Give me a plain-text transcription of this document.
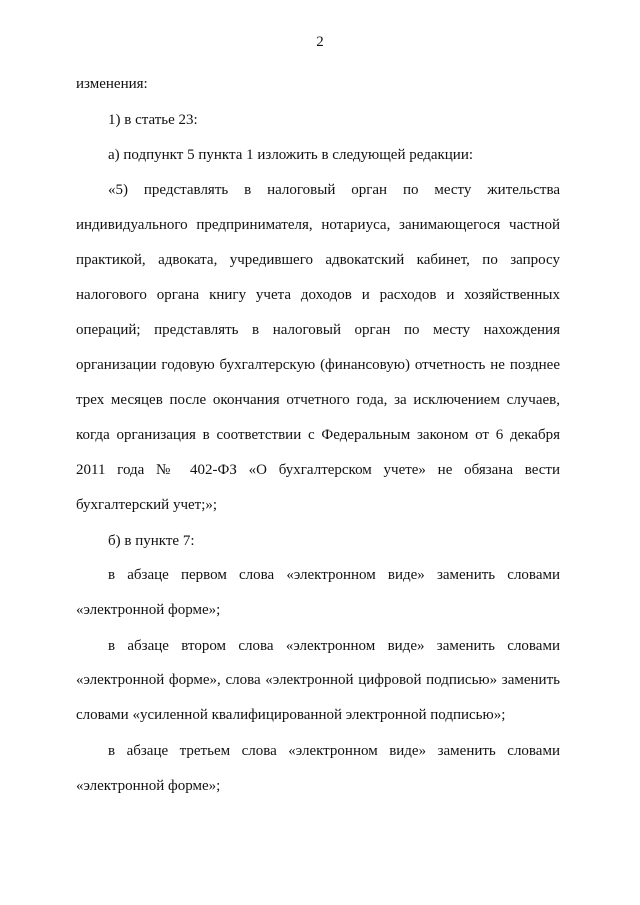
2
изменения:
1) в статье 23:
а) подпункт 5 пункта 1 изложить в следующей редакции:
«5) представлять в налоговый орган по месту жительства
индивидуального предпринимателя, нотариуса, занимающегося частной
практикой, адвоката, учредившего адвокатский кабинет, по запросу
налогового органа книгу учета доходов и расходов и хозяйственных
операций; представлять в налоговый орган по месту нахождения
организации годовую бухгалтерскую (финансовую) отчетность не позднее
трех месяцев после окончания отчетного года, за исключением случаев,
когда организация в соответствии с Федеральным законом от 6 декабря
2011 года № 402-ФЗ «О бухгалтерском учете» не обязана вести
бухгалтерский учет;»;
б) в пункте 7:
в абзаце первом слова «электронном виде» заменить словами
«электронной форме»;
в абзаце втором слова «электронном виде» заменить словами
«электронной форме», слова «электронной цифровой подписью» заменить
словами «усиленной квалифицированной электронной подписью»;
в абзаце третьем слова «электронном виде» заменить словами
«электронной форме»;
